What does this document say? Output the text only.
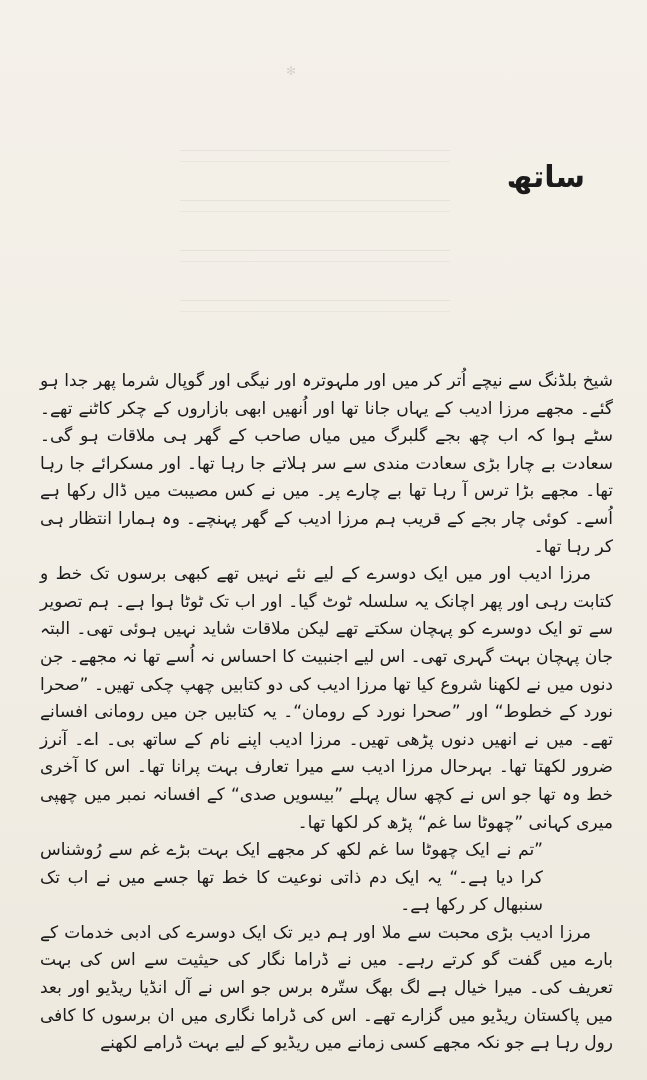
✻
ساتھ

شیخ بلڈنگ سے نیچے اُتر کر میں اور ملہوترہ اور نیگی اور گوپال شرما پھر جدا ہو گئے۔ مجھے مرزا ادیب کے یہاں جانا تھا اور اُنھیں ابھی بازاروں کے چکر کاٹنے تھے۔ سٹے ہوا کہ اب چھ بجے گلبرگ میں میاں صاحب کے گھر ہی ملاقات ہو گی۔ سعادت بے چارا بڑی سعادت مندی سے سر ہلاتے جا رہا تھا۔ اور مسکرائے جا رہا تھا۔ مجھے بڑا ترس آ رہا تھا بے چارے پر۔ میں نے کس مصیبت میں ڈال رکھا ہے اُسے۔ کوئی چار بجے کے قریب ہم مرزا ادیب کے گھر پہنچے۔ وہ ہمارا انتظار ہی کر رہا تھا۔

مرزا ادیب اور میں ایک دوسرے کے لیے نئے نہیں تھے کبھی برسوں تک خط و کتابت رہی اور پھر اچانک یہ سلسلہ ٹوٹ گیا۔ اور اب تک ٹوٹا ہوا ہے۔ ہم تصویر سے تو ایک دوسرے کو پہچان سکتے تھے لیکن ملاقات شاید نہیں ہوئی تھی۔ البتہ جان پہچان بہت گہری تھی۔ اس لیے اجنبیت کا احساس نہ اُسے تھا نہ مجھے۔ جن دنوں میں نے لکھنا شروع کیا تھا مرزا ادیب کی دو کتابیں چھپ چکی تھیں۔ ”صحرا نورد کے خطوط“ اور ”صحرا نورد کے رومان“۔ یہ کتابیں جن میں رومانی افسانے تھے۔ میں نے انھیں دنوں پڑھی تھیں۔ مرزا ادیب اپنے نام کے ساتھ بی۔ اے۔ آنرز ضرور لکھتا تھا۔ بہرحال مرزا ادیب سے میرا تعارف بہت پرانا تھا۔ اس کا آخری خط وہ تھا جو اس نے کچھ سال پہلے ”بیسویں صدی“ کے افسانہ نمبر میں چھپی میری کہانی ”چھوٹا سا غم“ پڑھ کر لکھا تھا۔

”تم نے ایک چھوٹا سا غم لکھ کر مجھے ایک بہت بڑے غم سے رُوشناس کرا دیا ہے۔“ یہ ایک دم ذاتی نوعیت کا خط تھا جسے میں نے اب تک سنبھال کر رکھا ہے۔

مرزا ادیب بڑی محبت سے ملا اور ہم دیر تک ایک دوسرے کی ادبی خدمات کے بارے میں گفت گو کرتے رہے۔ میں نے ڈراما نگار کی حیثیت سے اس کی بہت تعریف کی۔ میرا خیال ہے لگ بھگ ستّرہ برس جو اس نے آل انڈیا ریڈیو اور بعد میں پاکستان ریڈیو میں گزارے تھے۔ اس کی ڈراما نگاری میں ان برسوں کا کافی رول رہا ہے جو نکہ مجھے کسی زمانے میں ریڈیو کے لیے بہت ڈرامے لکھنے
